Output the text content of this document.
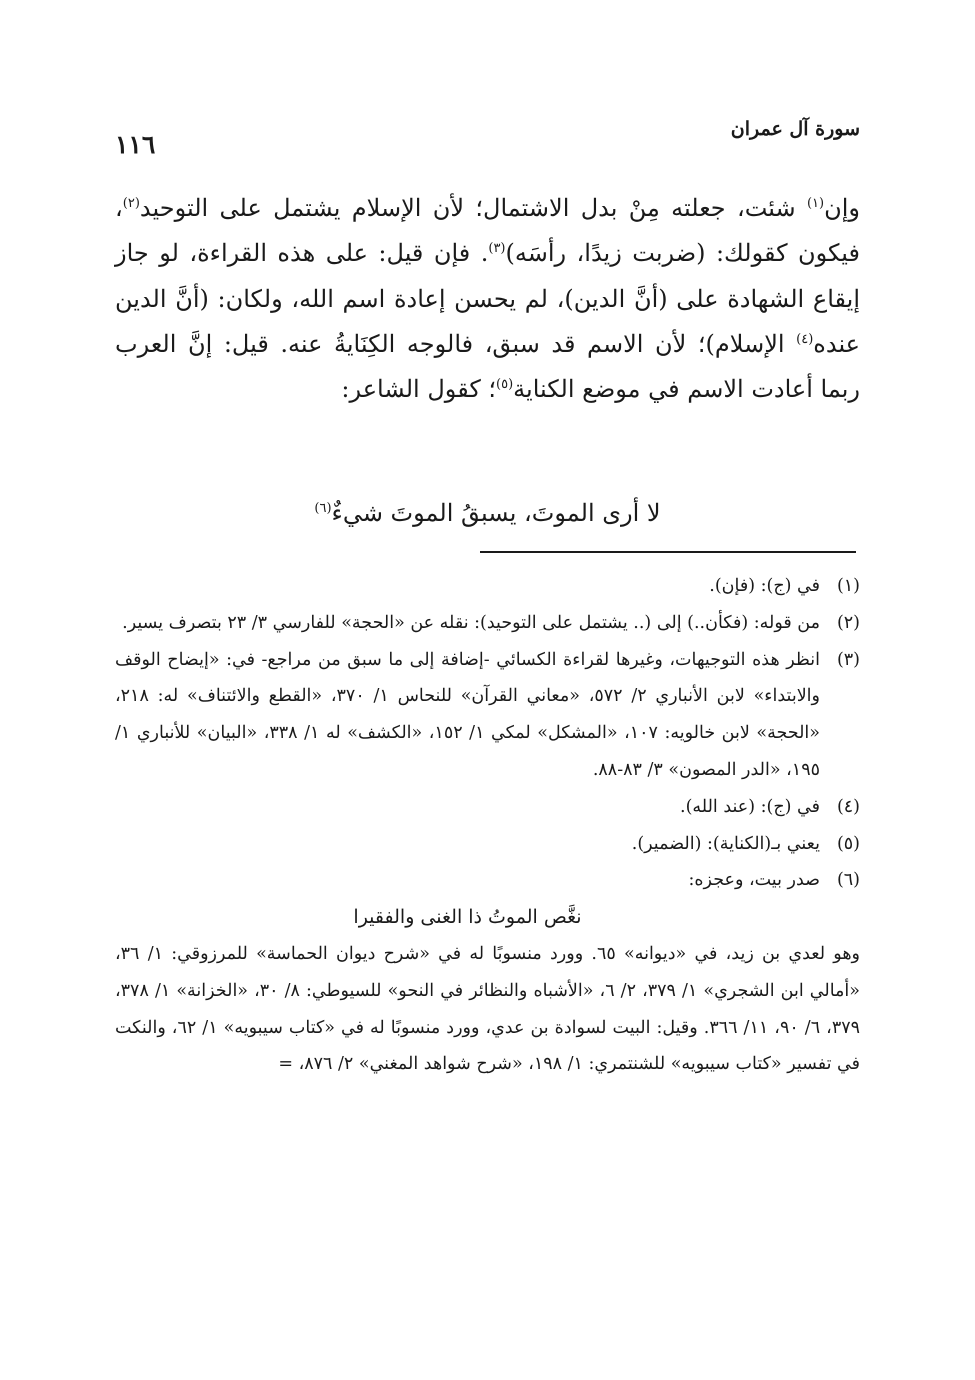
سورة آل عمران
١١٦

وإن$^{(١)}$ شئت، جعلته مِنْ بدل الاشتمال؛ لأن الإسلام يشتمل على التوحيد$^{(٢)}$، فيكون كقولك: (ضربت زيدًا، رأسَه)$^{(٣)}$. فإن قيل: على هذه القراءة، لو جاز إيقاع الشهادة على (أنَّ الدين)، لم يحسن إعادة اسم الله، ولكان: (أنَّ الدين عنده$^{(٤)}$ الإسلام)؛ لأن الاسم قد سبق، فالوجه الكِنَايةُ عنه. قيل: إنَّ العرب ربما أعادت الاسم في موضع الكناية$^{(٥)}$؛ كقول الشاعر:

لا أرى الموتَ، يسبقُ الموتَ شيءٌ$^{(٦)}$
(١)
في (ج): (فإن).
(٢)
من قوله: (فكأن..) إلى (.. يشتمل على التوحيد): نقله عن «الحجة» للفارسي ٣/ ٢٣ بتصرف يسير.
(٣)
انظر هذه التوجيهات، وغيرها لقراءة الكسائي -إضافة إلى ما سبق من مراجع- في: «إيضاح الوقف والابتداء» لابن الأنباري ٢/ ٥٧٢، «معاني القرآن» للنحاس ١/ ٣٧٠، «القطع والائتناف» له: ٢١٨، «الحجة» لابن خالويه: ١٠٧، «المشكل» لمكي ١/ ١٥٢، «الكشف» له ١/ ٣٣٨، «البيان» للأنباري ١/ ١٩٥، «الدر المصون» ٣/ ٨٣-٨٨.
(٤)
في (ج): (عند الله).
(٥)
يعني بـ(الكناية): (الضمير).
(٦)
صدر بيت، وعجزه:
نغَّص الموتُ ذا الغنى والفقيرا

وهو لعدي بن زيد، في «ديوانه» ٦٥. وورد منسوبًا له في «شرح ديوان الحماسة» للمرزوقي: ١/ ٣٦، «أمالي ابن الشجري» ١/ ٣٧٩، ٢/ ٦، «الأشباه والنظائر في النحو» للسيوطي: ٨/ ٣٠، «الخزانة» ١/ ٣٧٨، ٣٧٩، ٦/ ٩٠، ١١/ ٣٦٦. وقيل: البيت لسوادة بن عدي، وورد منسوبًا له في «كتاب سيبويه» ١/ ٦٢، والنكت في تفسير «كتاب سيبويه» للشنتمري: ١/ ١٩٨، «شرح شواهد المغني» ٢/ ٨٧٦، =
